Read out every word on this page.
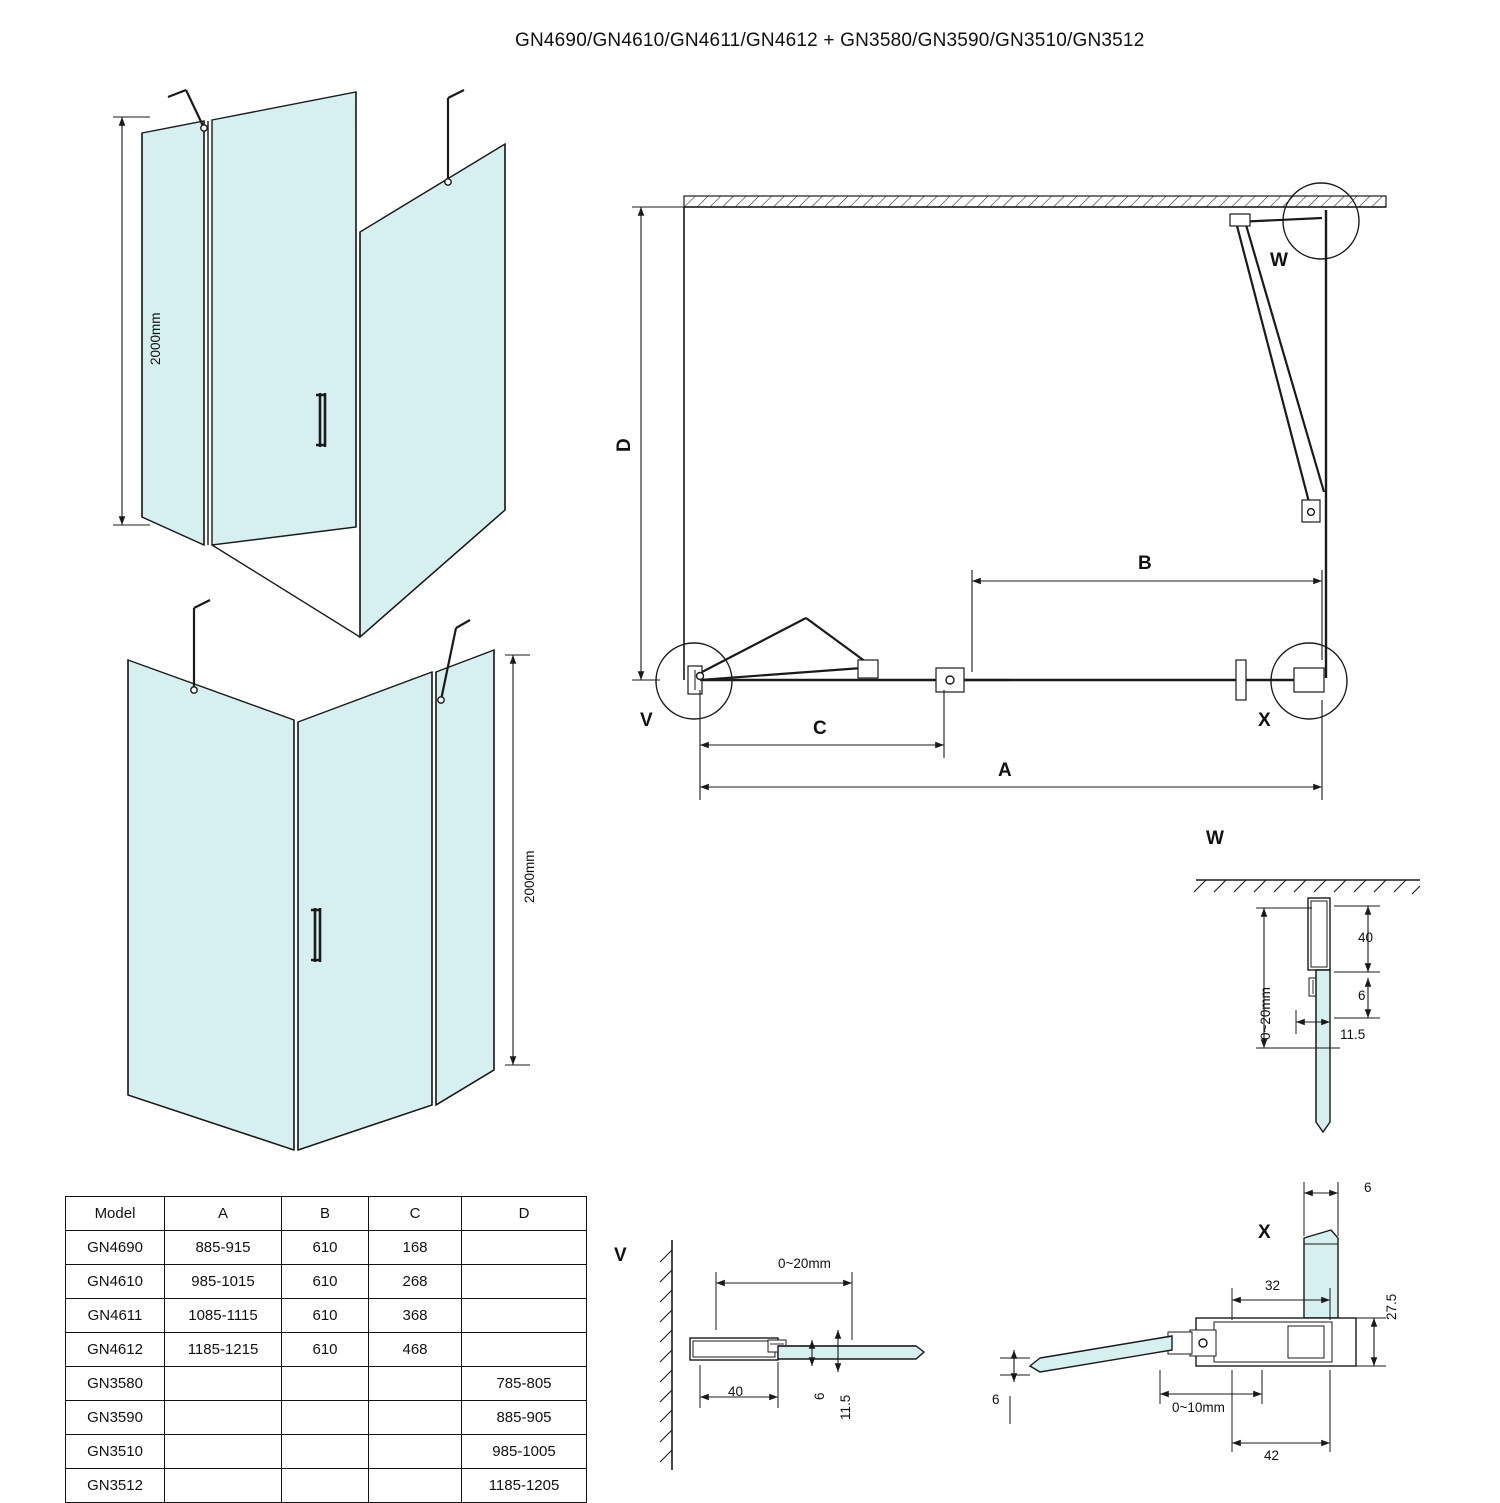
GN4690/GN4610/GN4611/GN4612 + GN3580/GN3590/GN3510/GN3512
2000mm
2000mm
D
B
C
A
W
V	X
W
V
X
0~20mm
40
6
11.5
0~20mm
40	6 11.5
6
32
27.5
0~10mm
42
6
Model	A	B	C	D
GN4690	885-915	610	168	
GN4610	985-1015	610	268	
GN4611	1085-1115	610	368	
GN4612	1185-1215	610	468	
GN3580				785-805
GN3590				885-905
GN3510				985-1005
GN3512				1185-1205
